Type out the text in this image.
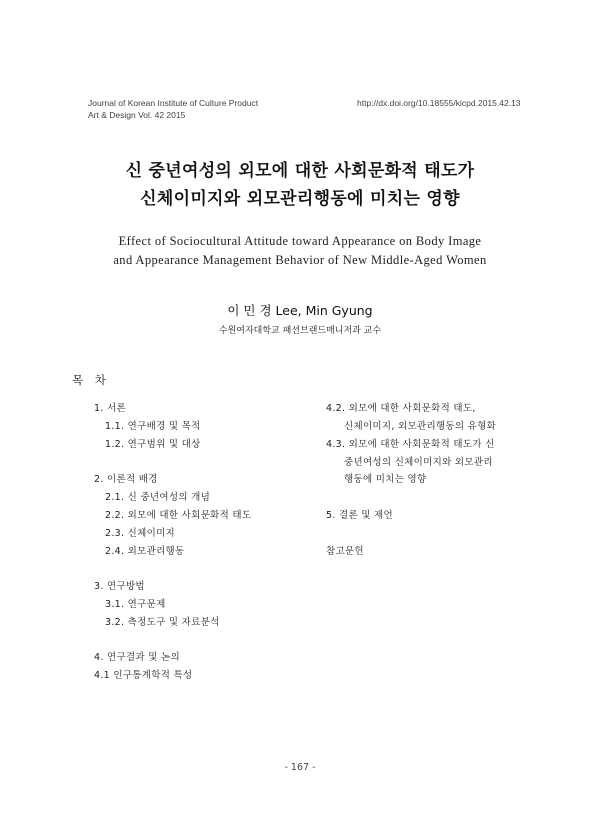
Journal of Korean Institute of Culture Product
Art & Design Vol. 42 2015
http://dx.doi.org/10.18555/kicpd.2015.42.13
신 중년여성의 외모에 대한 사회문화적 태도가
신체이미지와 외모관리행동에 미치는 영향
Effect of Sociocultural Attitude toward Appearance on Body Image
and Appearance Management Behavior of New Middle-Aged Women
이 민 경 Lee, Min Gyung
수원여자대학교 패션브랜드매니저과 교수
목 차
1. 서론
1.1. 연구배경 및 목적
1.2. 연구범위 및 대상
2. 이론적 배경
2.1. 신 중년여성의 개념
2.2. 외모에 대한 사회문화적 태도
2.3. 신체이미지
2.4. 외모관리행동
3. 연구방법
3.1. 연구문제
3.2. 측정도구 및 자료분석
4. 연구결과 및 논의
4.1 인구통계학적 특성
4.2. 외모에 대한 사회문화적 태도,
신체이미지, 외모관리행동의 유형화
4.3. 외모에 대한 사회문화적 태도가 신
중년여성의 신체이미지와 외모관리
행동에 미치는 영향
5. 결론 및 제언
참고문헌
- 167 -
